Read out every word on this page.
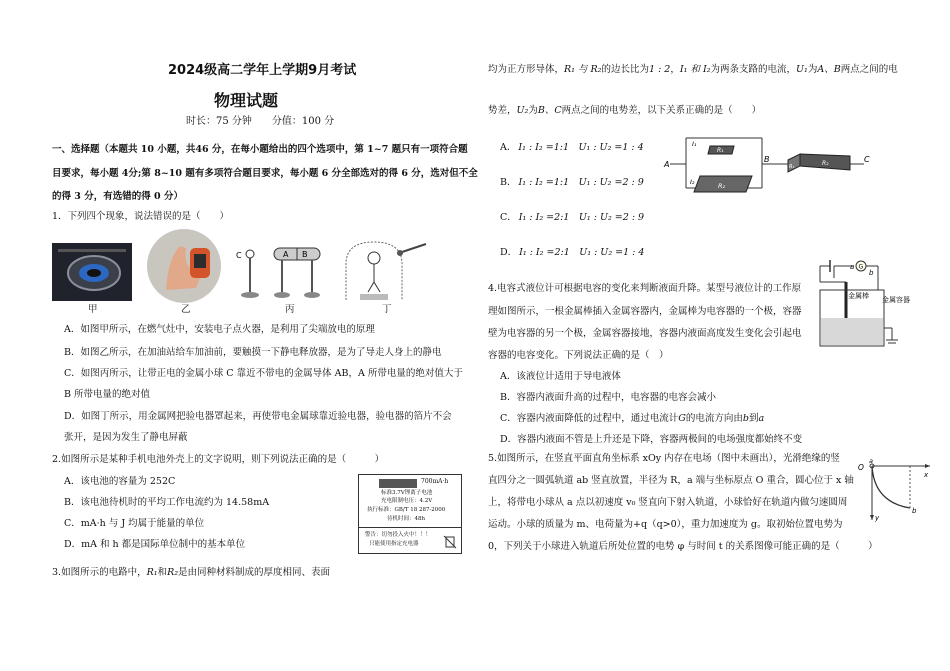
2024级高二学年上学期9月考试
物理试题
时长：75 分钟　　分值：100 分
一、选择题（本题共 10 小题，共46 分，在每小题给出的四个选项中，第 1~7 题只有一项符合题
目要求，每小题 4分;第 8~10 题有多项符合题目要求，每小题 6 分全部选对的得 6 分，选对但不全
的得 3 分，有选错的得 0 分）
1．下列四个现象，说法错误的是（　　）
甲	乙
C	A B
丙	丁
A．如图甲所示，在燃气灶中，安装电子点火器，是利用了尖端放电的原理
B．如图乙所示，在加油站给车加油前，要触摸一下静电释放器，是为了导走人身上的静电
C．如图丙所示，让带正电的金属小球 C 靠近不带电的金属导体 AB，A 所带电量的绝对值大于
B 所带电量的绝对值
D．如图丁所示，用金属网把验电器罩起来，再使带电金属球靠近验电器，验电器的箔片不会
张开，是因为发生了静电屏蔽
2.如图所示是某种手机电池外壳上的文字说明，则下列说法正确的是（　　　）
A．该电池的容量为 252C
B．该电池待机时的平均工作电流约为 14.58mA
C．mA·h 与 J 均属于能量的单位
D．mA 和 h 都是国际单位制中的基本单位
700mA·h
标准3.7V锂离子电池
充电限制电压：4.2V
执行标准：GB/T 18 287-2000
待机时间：48h
警告：切勿投入火中！！！
只能使用指定充电器
3.如图所示的电路中，R₁和R₂是由同种材料制成的厚度相同、表面
均为正方形导体，R₁ 与 R₂的边长比为1 : 2，I₁ 和 I₂为两条支路的电流，U₁为A、B两点之间的电
势差，U₂为B、C两点之间的电势差，以下关系正确的是（　　）
A． I₁ : I₂ =1:1　U₁ : U₂ =1 : 4
B． I₁ : I₂ =1:1　U₁ : U₂ =2 : 9
C． I₁ : I₂ =2:1　U₁ : U₂ =2 : 9
D． I₁ : I₂ =2:1　U₁ : U₂ =1 : 4
A
B	C
I₁
I₂
R₁
R₂
R₁	R₂
4.电容式液位计可根据电容的变化来判断液面升降。某型号液位计的工作原
理如图所示，一根金属棒插入金属容器内，金属棒为电容器的一个极，容器
壁为电容器的另一个极，金属容器接地，容器内液面高度发生变化会引起电
容器的电容变化。下列说法正确的是（　）
A．该液位计适用于导电液体
B．容器内液面升高的过程中，电容器的电容会减小
C．容器内液面降低的过程中，通过电流计G的电流方向由b到a
D．容器内液面不管是上升还是下降，容器两极间的电场强度都始终不变
a G
b
金属棒 金属容器
5.如图所示，在竖直平面直角坐标系 xOy 内存在电场（图中未画出），光滑绝缘的竖
直四分之一圆弧轨道 ab 竖直放置，半径为 R，a 端与坐标原点 O 重合，圆心位于 x 轴
上，将带电小球从 a 点以初速度 v₀ 竖直向下射入轨道，小球恰好在轨道内做匀速圆周
运动。小球的质量为 m、电荷量为+q（q>0），重力加速度为 g。取初始位置电势为
0，下列关于小球进入轨道后所处位置的电势 φ 与时间 t 的关系图像可能正确的是（　　　）
O
a
x
b
y
